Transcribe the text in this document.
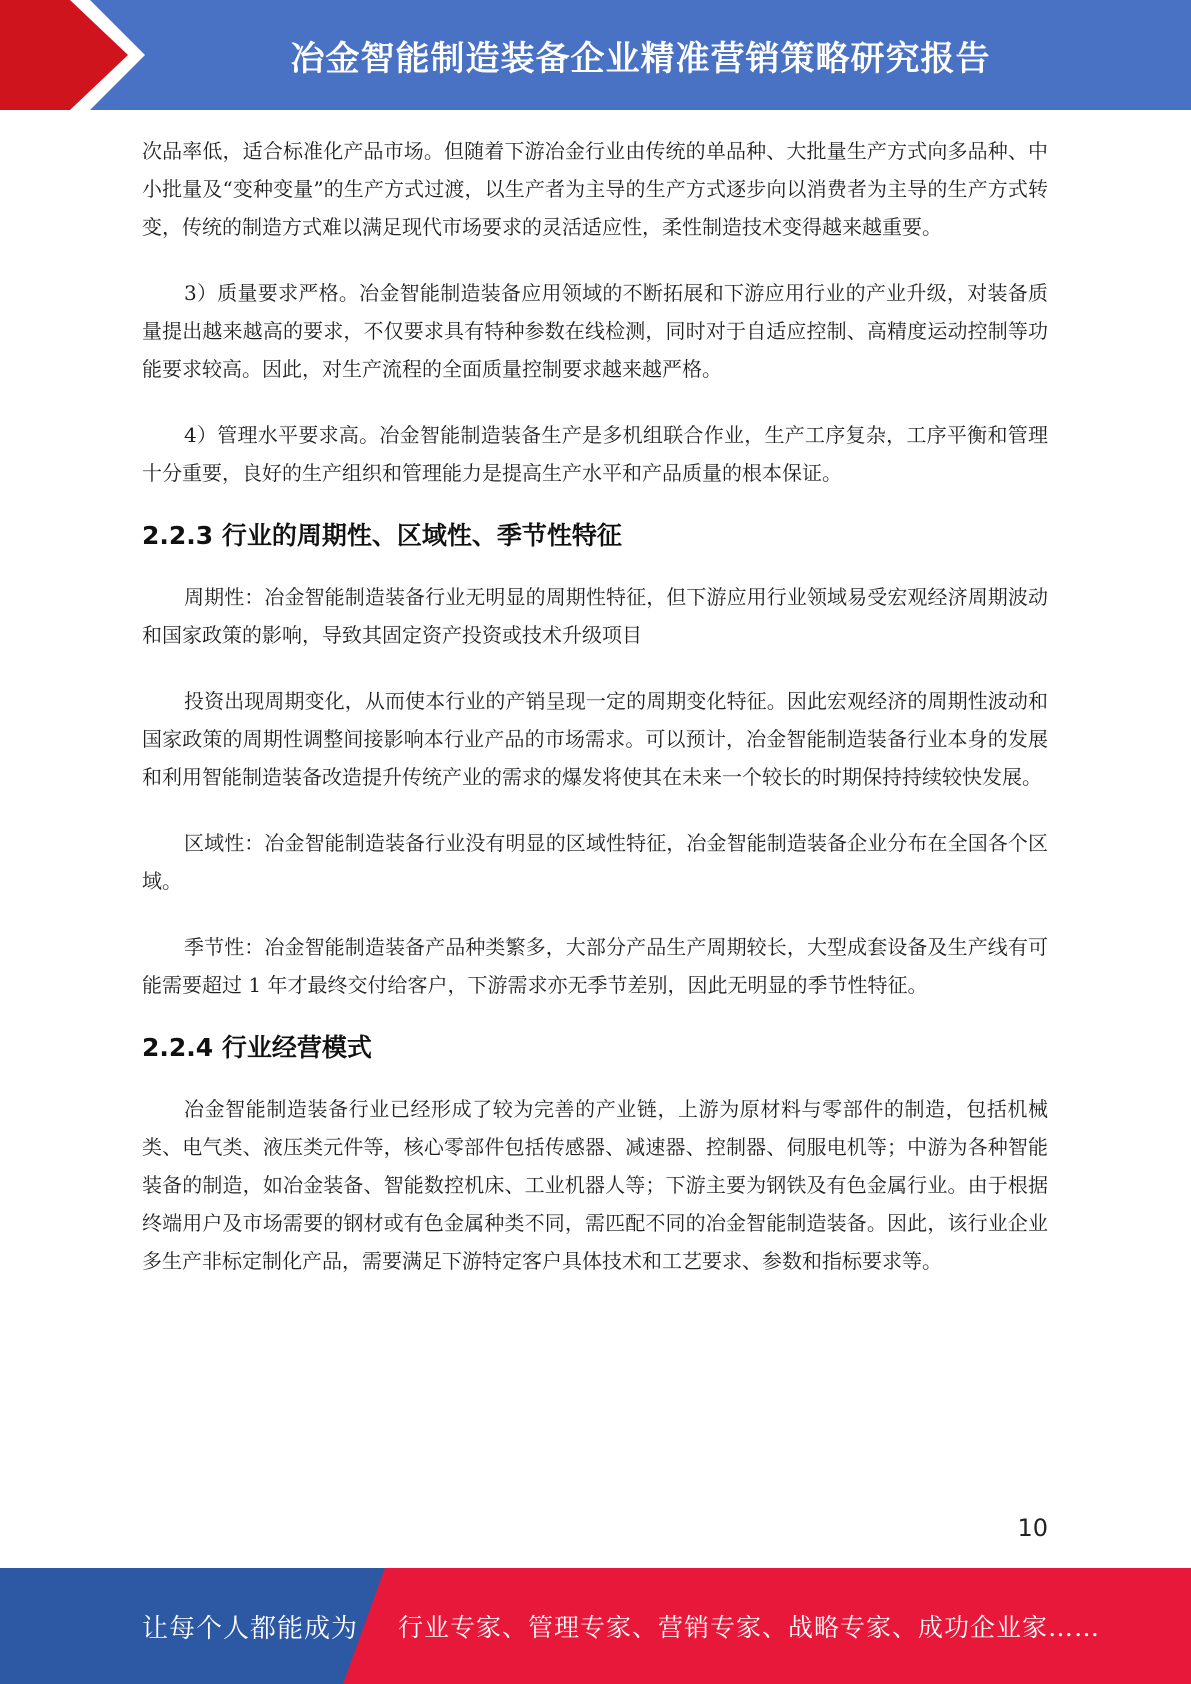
冶金智能制造装备企业精准营销策略研究报告

次品率低，适合标准化产品市场。但随着下游冶金行业由传统的单品种、大批量生产方式向多品种、中小批量及“变种变量”的生产方式过渡，以生产者为主导的生产方式逐步向以消费者为主导的生产方式转变，传统的制造方式难以满足现代市场要求的灵活适应性，柔性制造技术变得越来越重要。

3）质量要求严格。冶金智能制造装备应用领域的不断拓展和下游应用行业的产业升级，对装备质量提出越来越高的要求，不仅要求具有特种参数在线检测，同时对于自适应控制、高精度运动控制等功能要求较高。因此，对生产流程的全面质量控制要求越来越严格。

4）管理水平要求高。冶金智能制造装备生产是多机组联合作业，生产工序复杂，工序平衡和管理十分重要，良好的生产组织和管理能力是提高生产水平和产品质量的根本保证。

2.2.3 行业的周期性、区域性、季节性特征

周期性：冶金智能制造装备行业无明显的周期性特征，但下游应用行业领域易受宏观经济周期波动和国家政策的影响，导致其固定资产投资或技术升级项目

投资出现周期变化，从而使本行业的产销呈现一定的周期变化特征。因此宏观经济的周期性波动和国家政策的周期性调整间接影响本行业产品的市场需求。可以预计，冶金智能制造装备行业本身的发展和利用智能制造装备改造提升传统产业的需求的爆发将使其在未来一个较长的时期保持持续较快发展。

区域性：冶金智能制造装备行业没有明显的区域性特征，冶金智能制造装备企业分布在全国各个区域。

季节性：冶金智能制造装备产品种类繁多，大部分产品生产周期较长，大型成套设备及生产线有可能需要超过 1 年才最终交付给客户，下游需求亦无季节差别，因此无明显的季节性特征。

2.2.4 行业经营模式

冶金智能制造装备行业已经形成了较为完善的产业链，上游为原材料与零部件的制造，包括机械类、电气类、液压类元件等，核心零部件包括传感器、减速器、控制器、伺服电机等；中游为各种智能装备的制造，如冶金装备、智能数控机床、工业机器人等；下游主要为钢铁及有色金属行业。由于根据终端用户及市场需要的钢材或有色金属种类不同，需匹配不同的冶金智能制造装备。因此，该行业企业多生产非标定制化产品，需要满足下游特定客户具体技术和工艺要求、参数和指标要求等。

10
让每个人都能成为 行业专家、管理专家、营销专家、战略专家、成功企业家……
